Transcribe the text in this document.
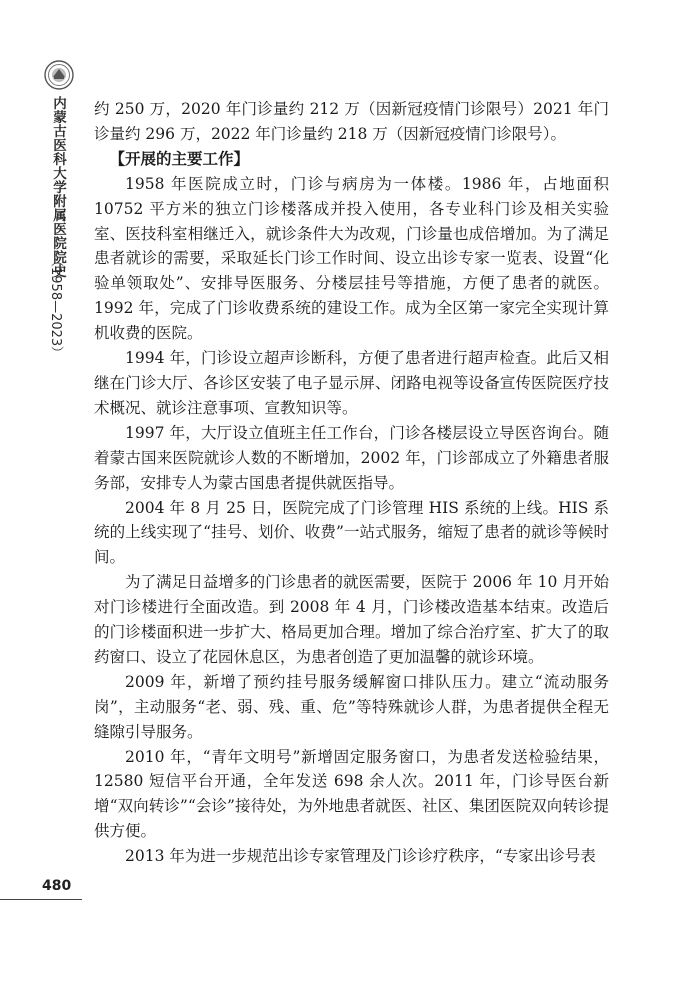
内蒙古医科大学附属医院院史
（1958—2023）

约 250 万，2020 年门诊量约 212 万（因新冠疫情门诊限号）2021 年门诊量约 296 万，2022 年门诊量约 218 万（因新冠疫情门诊限号）。

【开展的主要工作】

1958 年医院成立时，门诊与病房为一体楼。1986 年，占地面积 10752 平方米的独立门诊楼落成并投入使用，各专业科门诊及相关实验室、医技科室相继迁入，就诊条件大为改观，门诊量也成倍增加。为了满足患者就诊的需要，采取延长门诊工作时间、设立出诊专家一览表、设置“化验单领取处”、安排导医服务、分楼层挂号等措施，方便了患者的就医。1992 年，完成了门诊收费系统的建设工作。成为全区第一家完全实现计算机收费的医院。

1994 年，门诊设立超声诊断科，方便了患者进行超声检查。此后又相继在门诊大厅、各诊区安装了电子显示屏、闭路电视等设备宣传医院医疗技术概况、就诊注意事项、宣教知识等。

1997 年，大厅设立值班主任工作台，门诊各楼层设立导医咨询台。随着蒙古国来医院就诊人数的不断增加，2002 年，门诊部成立了外籍患者服务部，安排专人为蒙古国患者提供就医指导。

2004 年 8 月 25 日，医院完成了门诊管理 HIS 系统的上线。HIS 系统的上线实现了“挂号、划价、收费”一站式服务，缩短了患者的就诊等候时间。

为了满足日益增多的门诊患者的就医需要，医院于 2006 年 10 月开始对门诊楼进行全面改造。到 2008 年 4 月，门诊楼改造基本结束。改造后的门诊楼面积进一步扩大、格局更加合理。增加了综合治疗室、扩大了的取药窗口、设立了花园休息区，为患者创造了更加温馨的就诊环境。

2009 年，新增了预约挂号服务缓解窗口排队压力。建立“流动服务岗”，主动服务“老、弱、残、重、危”等特殊就诊人群，为患者提供全程无缝隙引导服务。

2010 年，“青年文明号”新增固定服务窗口，为患者发送检验结果，12580 短信平台开通，全年发送 698 余人次。2011 年，门诊导医台新增“双向转诊”“会诊”接待处，为外地患者就医、社区、集团医院双向转诊提供方便。

2013 年为进一步规范出诊专家管理及门诊诊疗秩序，“专家出诊号表

480
